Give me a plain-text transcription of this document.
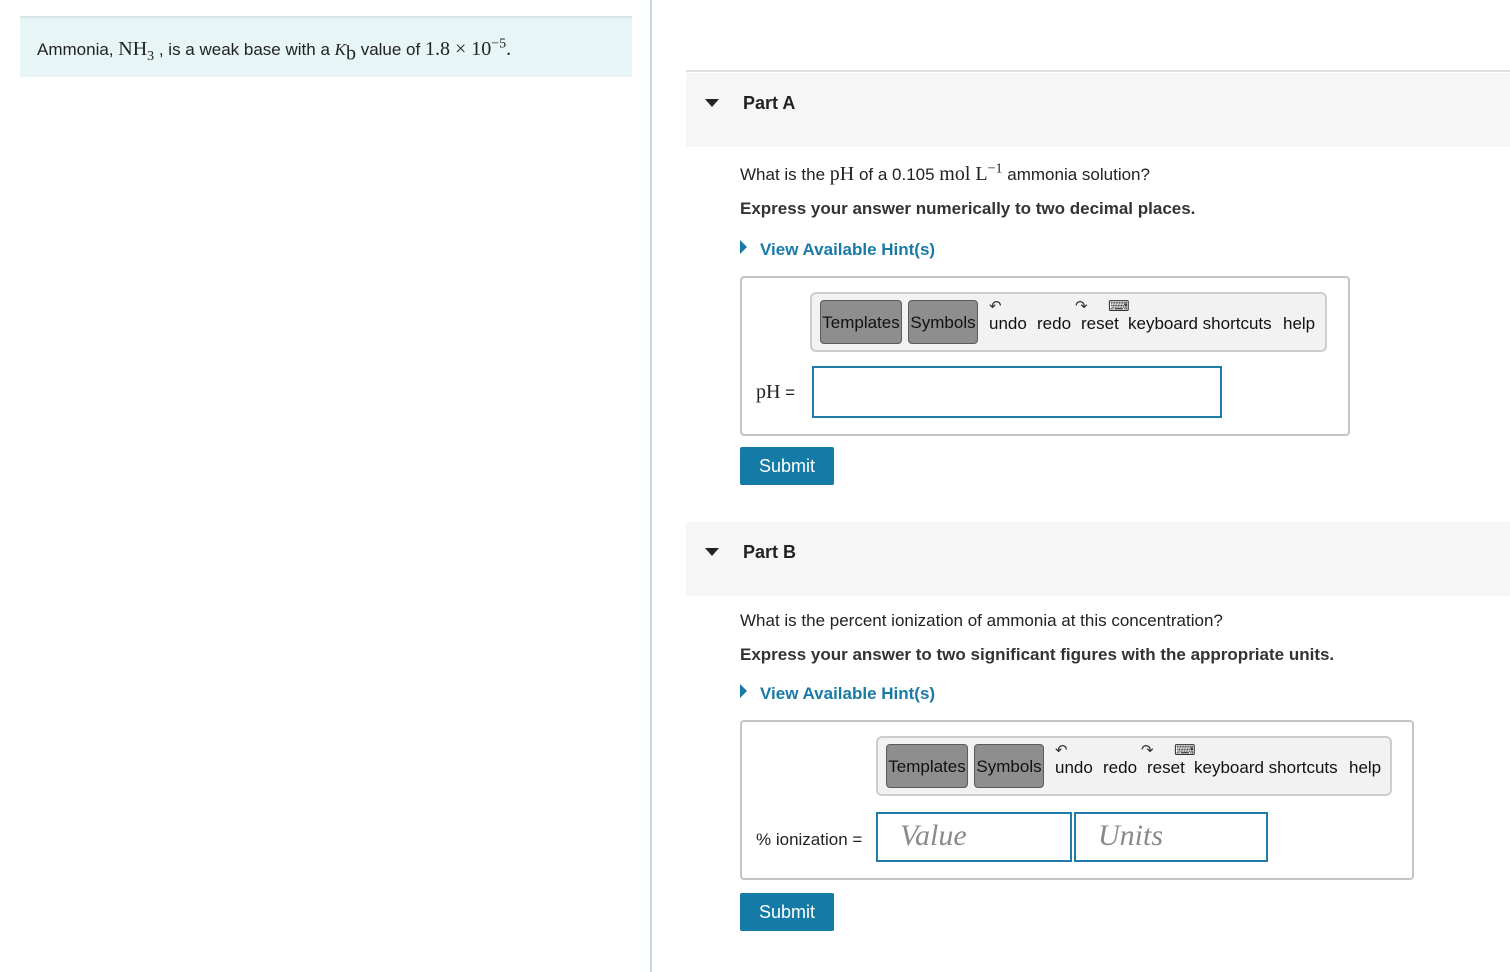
Ammonia, $NH_3$ , is a weak base with a $K_b$ value of $1.8 \times 10^{-5}$.
Part A
What is the pH of a 0.105 mol $L^{-1}$ ammonia solution?
Express your answer numerically to two decimal places.
View Available Hint(s)
Templates Symbols
↶
undo
↷
redo reset
⌨
keyboard shortcuts help
pH =
Submit
Part B
What is the percent ionization of ammonia at this concentration?
Express your answer to two significant figures with the appropriate units.
View Available Hint(s)
Templates Symbols
↶
undo
↷
redo reset
⌨
keyboard shortcuts help
% ionization =	Value	Units
Submit
